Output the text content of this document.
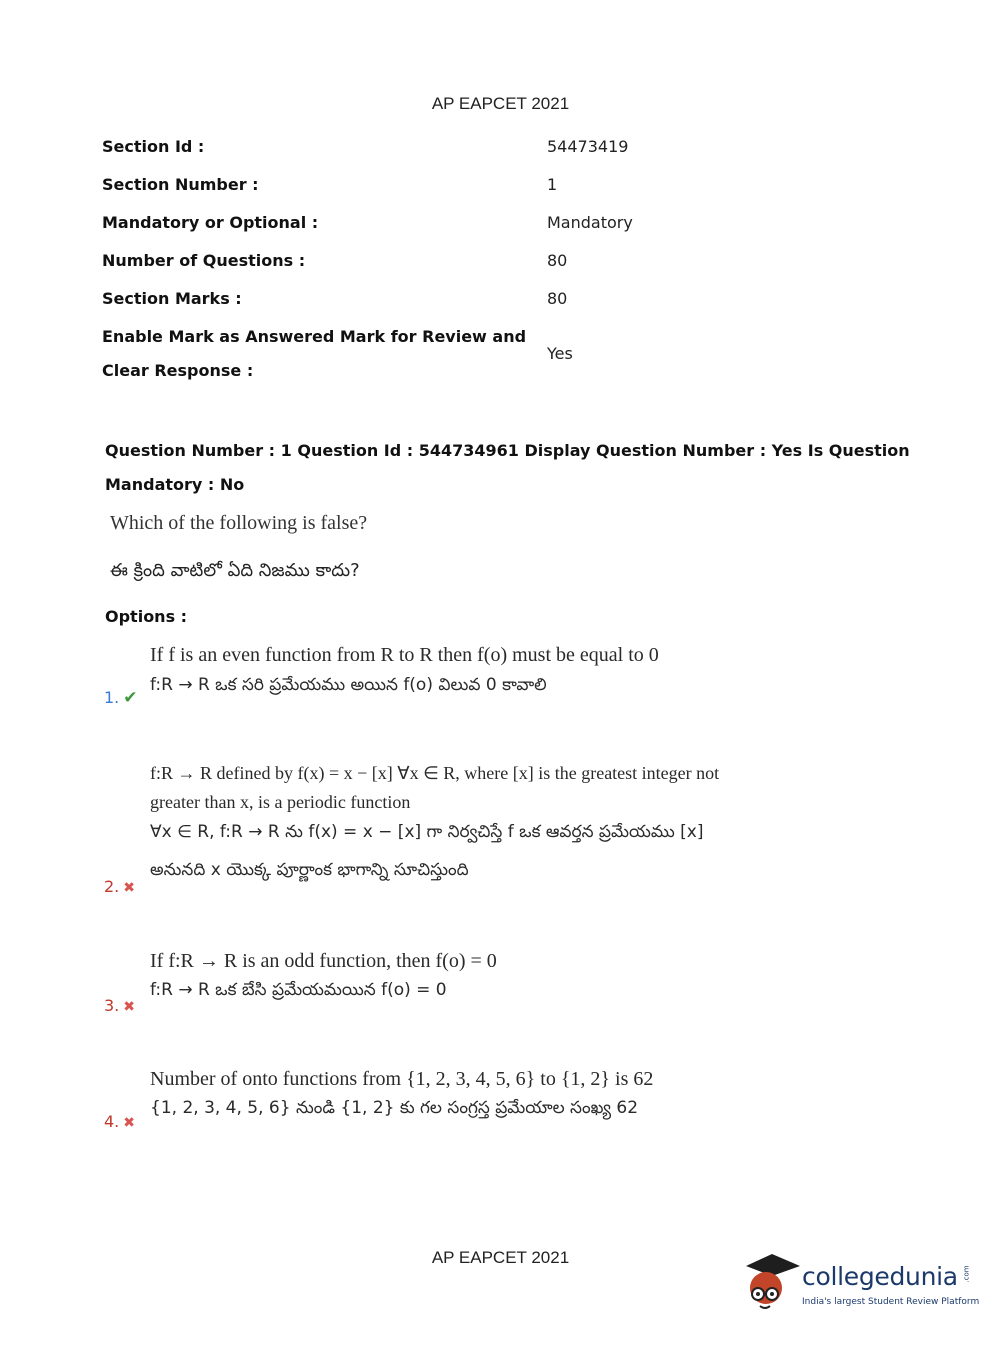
AP EAPCET 2021
Section Id :	54473419
Section Number :	1
Mandatory or Optional :	Mandatory
Number of Questions :	80
Section Marks :	80
Enable Mark as Answered Mark for Review and
Clear Response :
Yes
Question Number : 1 Question Id : 544734961 Display Question Number : Yes Is Question
Mandatory : No
Which of the following is false?
ఈ క్రింది వాటిలో ఏది నిజము కాదు?
Options :
If f is an even function from R to R then f(o) must be equal to 0
f:R → R ఒక సరి ప్రమేయము అయిన f(o) విలువ 0 కావాలి
1. ✔
f:R → R defined by f(x) = x − [x] ∀x ∈ R, where [x] is the greatest integer not
greater than x, is a periodic function
∀x ∈ R, f:R → R ను f(x) = x − [x] గా నిర్వచిస్తే f ఒక ఆవర్తన ప్రమేయము [x]
అనునది x యొక్క పూర్ణాంక భాగాన్ని సూచిస్తుంది
2. ✖
If f:R → R is an odd function, then f(o) = 0
f:R → R ఒక బేసి ప్రమేయమయిన f(o) = 0
3. ✖
Number of onto functions from {1, 2, 3, 4, 5, 6} to {1, 2} is 62
{1, 2, 3, 4, 5, 6} నుండి {1, 2} కు గల సంగ్రస్త ప్రమేయాల సంఖ్య 62
4. ✖
AP EAPCET 2021
collegedunia
India's largest Student Review Platform
.com
